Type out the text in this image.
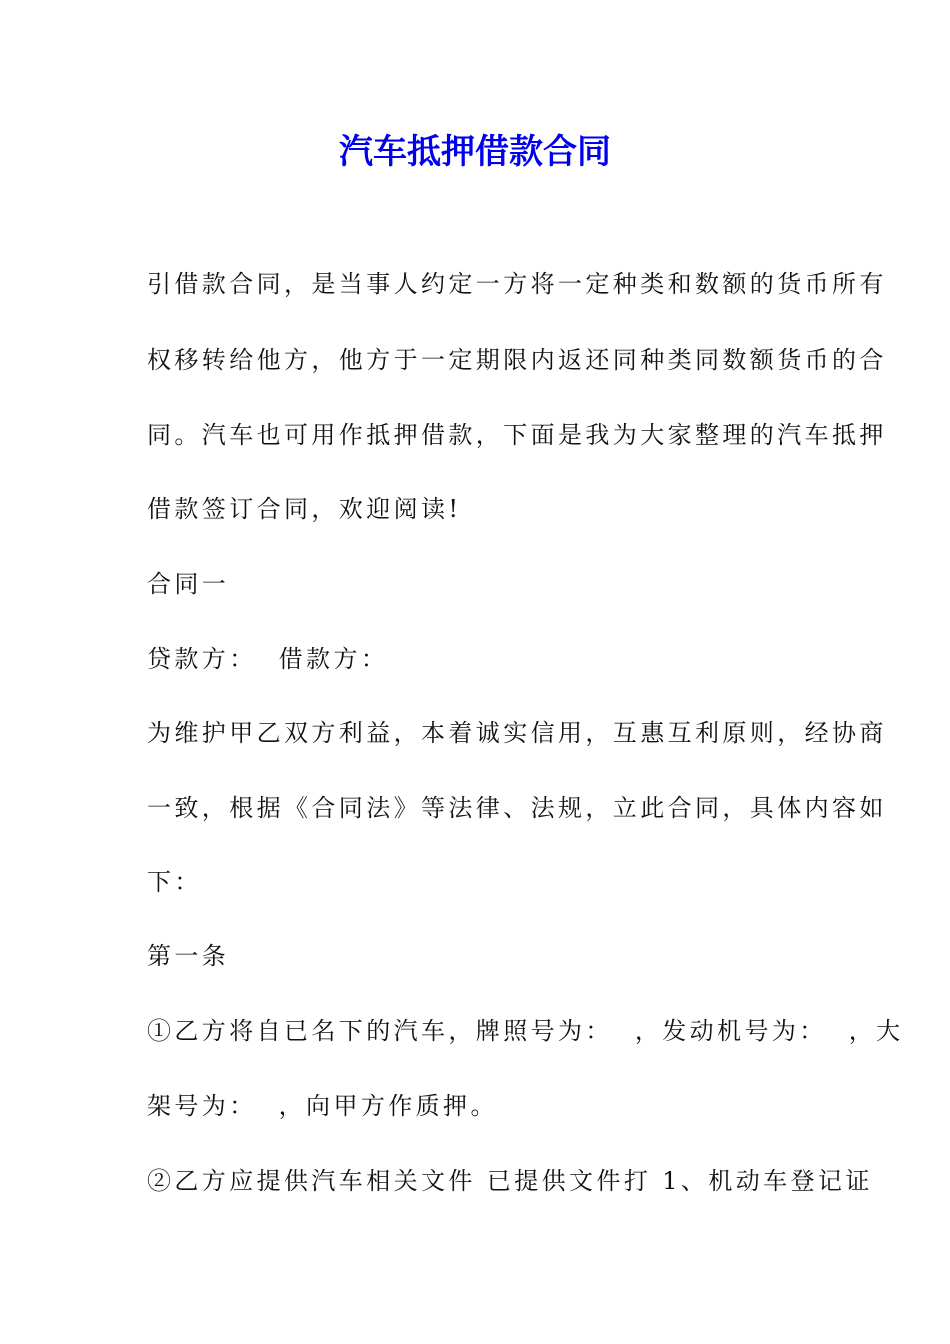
汽车抵押借款合同
引借款合同，是当事人约定一方将一定种类和数额的货币所有
权移转给他方，他方于一定期限内返还同种类同数额货币的合
同。汽车也可用作抵押借款，下面是我为大家整理的汽车抵押
借款签订合同，欢迎阅读!
合同一
贷款方：  借款方：
为维护甲乙双方利益，本着诚实信用，互惠互利原则，经协商
一致，根据《合同法》等法律、法规，立此合同，具体内容如
下：
第一条
①乙方将自已名下的汽车，牌照号为：  ，发动机号为：  ，大
架号为：  ，向甲方作质押。
②乙方应提供汽车相关文件 已提供文件打 1、机动车登记证
